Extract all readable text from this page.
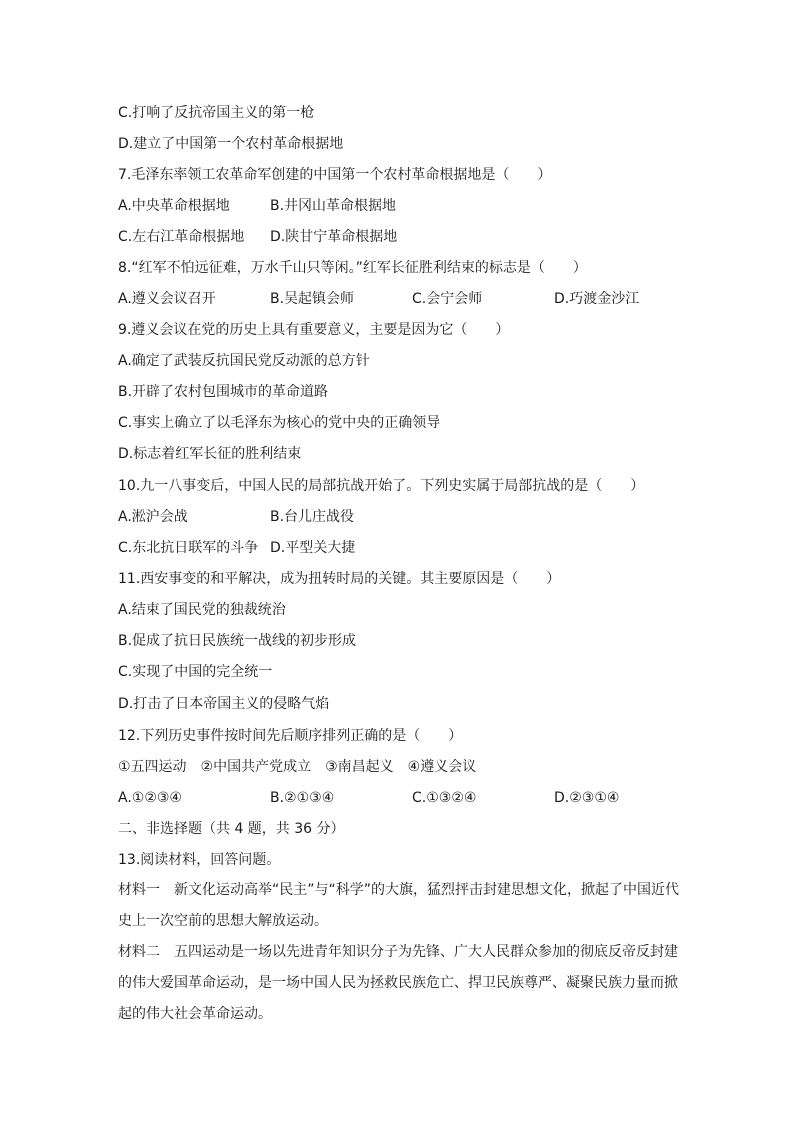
C.打响了反抗帝国主义的第一枪
D.建立了中国第一个农村革命根据地
7.毛泽东率领工农革命军创建的中国第一个农村革命根据地是（　　）
A.中央革命根据地	B.井冈山革命根据地
C.左右江革命根据地 D.陕甘宁革命根据地
8.“红军不怕远征难，万水千山只等闲。”红军长征胜利结束的标志是（　　）
A.遵义会议召开	B.吴起镇会师	C.会宁会师	D.巧渡金沙江
9.遵义会议在党的历史上具有重要意义，主要是因为它（　　）
A.确定了武装反抗国民党反动派的总方针
B.开辟了农村包围城市的革命道路
C.事实上确立了以毛泽东为核心的党中央的正确领导
D.标志着红军长征的胜利结束
10.九一八事变后，中国人民的局部抗战开始了。下列史实属于局部抗战的是（　　）
A.淞沪会战	B.台儿庄战役
C.东北抗日联军的斗争 D.平型关大捷
11.西安事变的和平解决，成为扭转时局的关键。其主要原因是（　　）
A.结束了国民党的独裁统治
B.促成了抗日民族统一战线的初步形成
C.实现了中国的完全统一
D.打击了日本帝国主义的侵略气焰
12.下列历史事件按时间先后顺序排列正确的是（　　）
①五四运动　②中国共产党成立　③南昌起义　④遵义会议
A.①②③④	B.②①③④	C.①③②④	D.②③①④
二、非选择题（共 4 题，共 36 分）
13.阅读材料，回答问题。
材料一　新文化运动高举“民主”与“科学”的大旗，猛烈抨击封建思想文化，掀起了中国近代史上一次空前的思想大解放运动。
材料二　五四运动是一场以先进青年知识分子为先锋、广大人民群众参加的彻底反帝反封建的伟大爱国革命运动，是一场中国人民为拯救民族危亡、捍卫民族尊严、凝聚民族力量而掀起的伟大社会革命运动。
